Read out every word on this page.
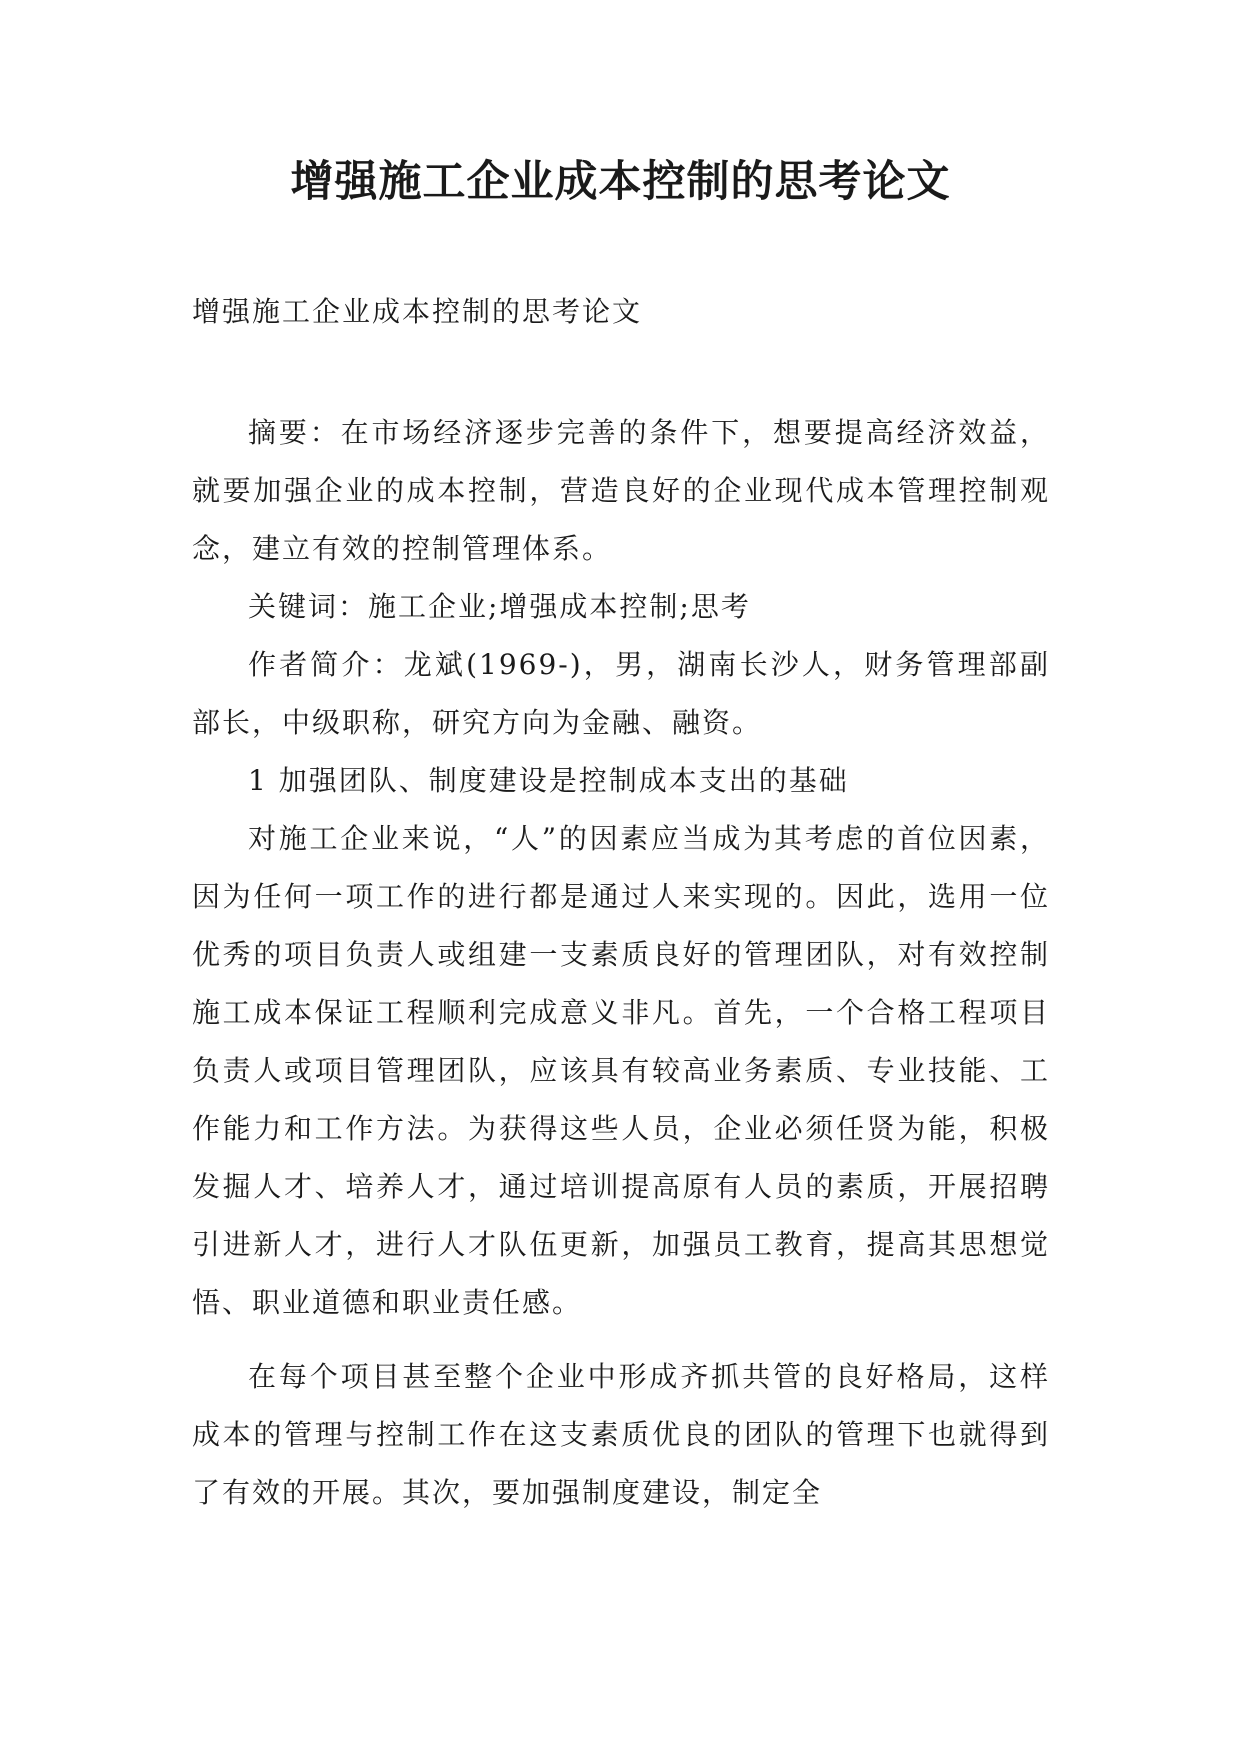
增强施工企业成本控制的思考论文

增强施工企业成本控制的思考论文

摘要：在市场经济逐步完善的条件下，想要提高经济效益，就要加强企业的成本控制，营造良好的企业现代成本管理控制观念，建立有效的控制管理体系。

关键词：施工企业;增强成本控制;思考

作者简介：龙斌(1969-)，男，湖南长沙人，财务管理部副部长，中级职称，研究方向为金融、融资。

1 加强团队、制度建设是控制成本支出的基础

对施工企业来说，“人”的因素应当成为其考虑的首位因素，因为任何一项工作的进行都是通过人来实现的。因此，选用一位优秀的项目负责人或组建一支素质良好的管理团队，对有效控制施工成本保证工程顺利完成意义非凡。首先，一个合格工程项目负责人或项目管理团队，应该具有较高业务素质、专业技能、工作能力和工作方法。为获得这些人员，企业必须任贤为能，积极发掘人才、培养人才，通过培训提高原有人员的素质，开展招聘引进新人才，进行人才队伍更新，加强员工教育，提高其思想觉悟、职业道德和职业责任感。

在每个项目甚至整个企业中形成齐抓共管的良好格局，这样成本的管理与控制工作在这支素质优良的团队的管理下也就得到了有效的开展。其次，要加强制度建设，制定全
